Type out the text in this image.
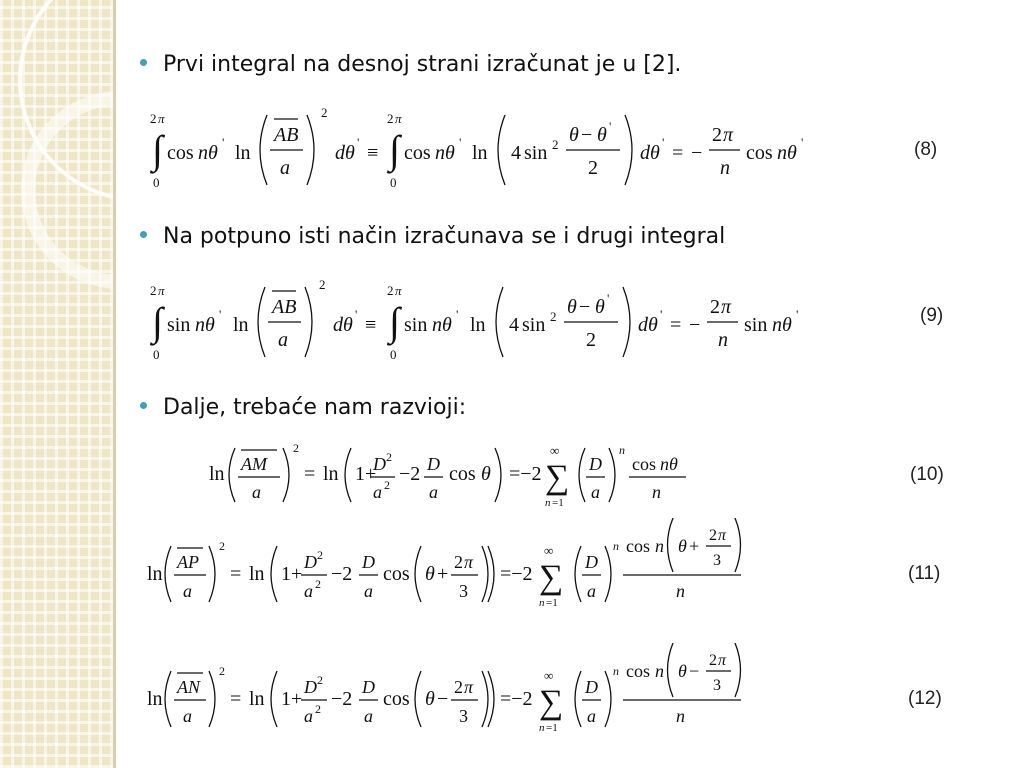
Prvi integral na desnoj strani izračunat je u [2].
2 π
∫
0
cos nθ ' ln
AB
a
2
dθ ' ≡
2 π
∫
0
cos nθ ' ln 4 sin 2 θ − θ '
2
dθ ' = −
2 π
n
cos nθ '	(8)
Na potpuno isti način izračunava se i drugi integral
2 π
∫
0
sin nθ ' ln
AB
a
2
dθ ' ≡
2 π
∫
0
sin nθ ' ln 4 sin 2 θ − θ '
2
dθ ' = −
2 π
n
sin nθ '	(9)
Dalje, trebaće nam razvioji:
ln AM
a
2
= ln 1+
D 2
a 2 −2 D
a
cos θ =−2
∞
∑
n =1
D
a
n
cos nθ
n
(10)
ln
AP
a
2
= ln 1+
D 2
a 2 −2
D
a
cos θ +
2 π
3
=−2
∞
∑
n =1
D
a
n cos n θ +
2 π
3
n
(11)
ln
AN
a
2
= ln 1+
D 2
a 2 −2
D
a
cos θ −
2 π
3
=−2
∞
∑
n =1
D
a
n cos n θ −
2 π
3
n
(12)
